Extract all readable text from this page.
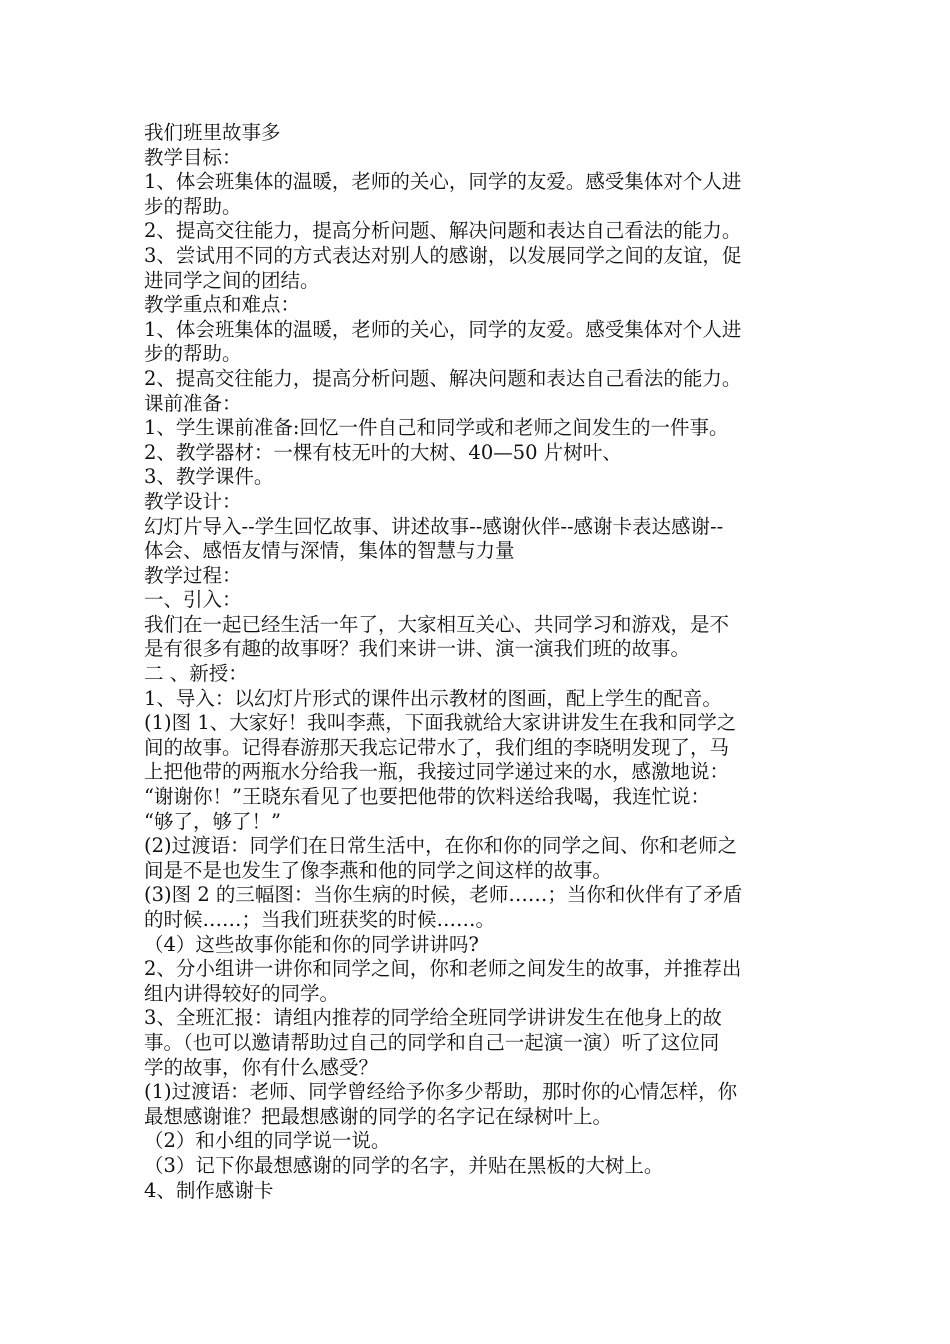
我们班里故事多
教学目标：
1、体会班集体的温暖，老师的关心，同学的友爱。感受集体对个人进
步的帮助。
2、提高交往能力，提高分析问题、解决问题和表达自己看法的能力。
3、尝试用不同的方式表达对别人的感谢，以发展同学之间的友谊，促
进同学之间的团结。
教学重点和难点：
1、体会班集体的温暖，老师的关心，同学的友爱。感受集体对个人进
步的帮助。
2、提高交往能力，提高分析问题、解决问题和表达自己看法的能力。
课前准备：
1、学生课前准备:回忆一件自己和同学或和老师之间发生的一件事。
2、教学器材：一棵有枝无叶的大树、40—50 片树叶、
3、教学课件。
教学设计：
幻灯片导入--学生回忆故事、讲述故事--感谢伙伴--感谢卡表达感谢--
体会、感悟友情与深情，集体的智慧与力量
教学过程：
一、引入：
我们在一起已经生活一年了，大家相互关心、共同学习和游戏，是不
是有很多有趣的故事呀？我们来讲一讲、演一演我们班的故事。
二 、新授：
1、导入：以幻灯片形式的课件出示教材的图画，配上学生的配音。
(1)图 1、大家好！我叫李燕，下面我就给大家讲讲发生在我和同学之
间的故事。记得春游那天我忘记带水了，我们组的李晓明发现了，马
上把他带的两瓶水分给我一瓶，我接过同学递过来的水，感激地说：
“谢谢你！”王晓东看见了也要把他带的饮料送给我喝，我连忙说：
“够了，够了！”
(2)过渡语：同学们在日常生活中，在你和你的同学之间、你和老师之
间是不是也发生了像李燕和他的同学之间这样的故事。
(3)图 2 的三幅图：当你生病的时候，老师……；当你和伙伴有了矛盾
的时候……；当我们班获奖的时候……。
（4）这些故事你能和你的同学讲讲吗?
2、分小组讲一讲你和同学之间，你和老师之间发生的故事，并推荐出
组内讲得较好的同学。
3、全班汇报：请组内推荐的同学给全班同学讲讲发生在他身上的故
事。（也可以邀请帮助过自己的同学和自己一起演一演）听了这位同
学的故事，你有什么感受？
(1)过渡语：老师、同学曾经给予你多少帮助，那时你的心情怎样，你
最想感谢谁？把最想感谢的同学的名字记在绿树叶上。
（2）和小组的同学说一说。
（3）记下你最想感谢的同学的名字，并贴在黑板的大树上。
4、制作感谢卡
